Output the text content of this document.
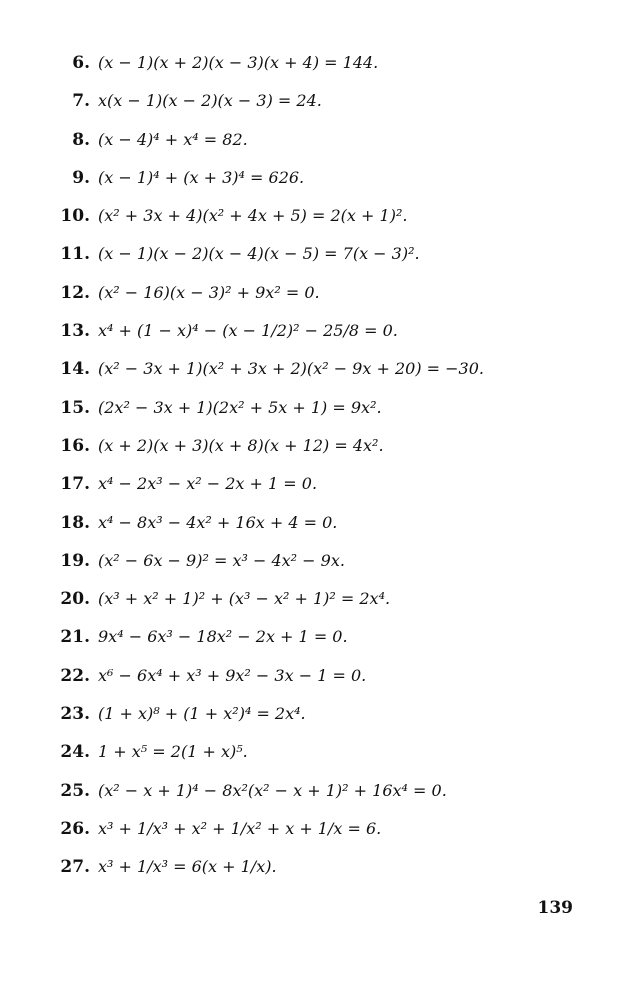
6. (x − 1)(x + 2)(x − 3)(x + 4) = 144.
7. x(x − 1)(x − 2)(x − 3) = 24.
8. (x − 4)⁴ + x⁴ = 82.
9. (x − 1)⁴ + (x + 3)⁴ = 626.
10. (x² + 3x + 4)(x² + 4x + 5) = 2(x + 1)².
11. (x − 1)(x − 2)(x − 4)(x − 5) = 7(x − 3)².
12. (x² − 16)(x − 3)² + 9x² = 0.
13. x⁴ + (1 − x)⁴ − (x − 1/2)² − 25/8 = 0.
14. (x² − 3x + 1)(x² + 3x + 2)(x² − 9x + 20) = −30.
15. (2x² − 3x + 1)(2x² + 5x + 1) = 9x².
16. (x + 2)(x + 3)(x + 8)(x + 12) = 4x².
17. x⁴ − 2x³ − x² − 2x + 1 = 0.
18. x⁴ − 8x³ − 4x² + 16x + 4 = 0.
19. (x² − 6x − 9)² = x³ − 4x² − 9x.
20. (x³ + x² + 1)² + (x³ − x² + 1)² = 2x⁴.
21. 9x⁴ − 6x³ − 18x² − 2x + 1 = 0.
22. x⁶ − 6x⁴ + x³ + 9x² − 3x − 1 = 0.
23. (1 + x)⁸ + (1 + x²)⁴ = 2x⁴.
24. 1 + x⁵ = 2(1 + x)⁵.
25. (x² − x + 1)⁴ − 8x²(x² − x + 1)² + 16x⁴ = 0.
26. x³ + 1/x³ + x² + 1/x² + x + 1/x = 6.
27. x³ + 1/x³ = 6(x + 1/x).
139
